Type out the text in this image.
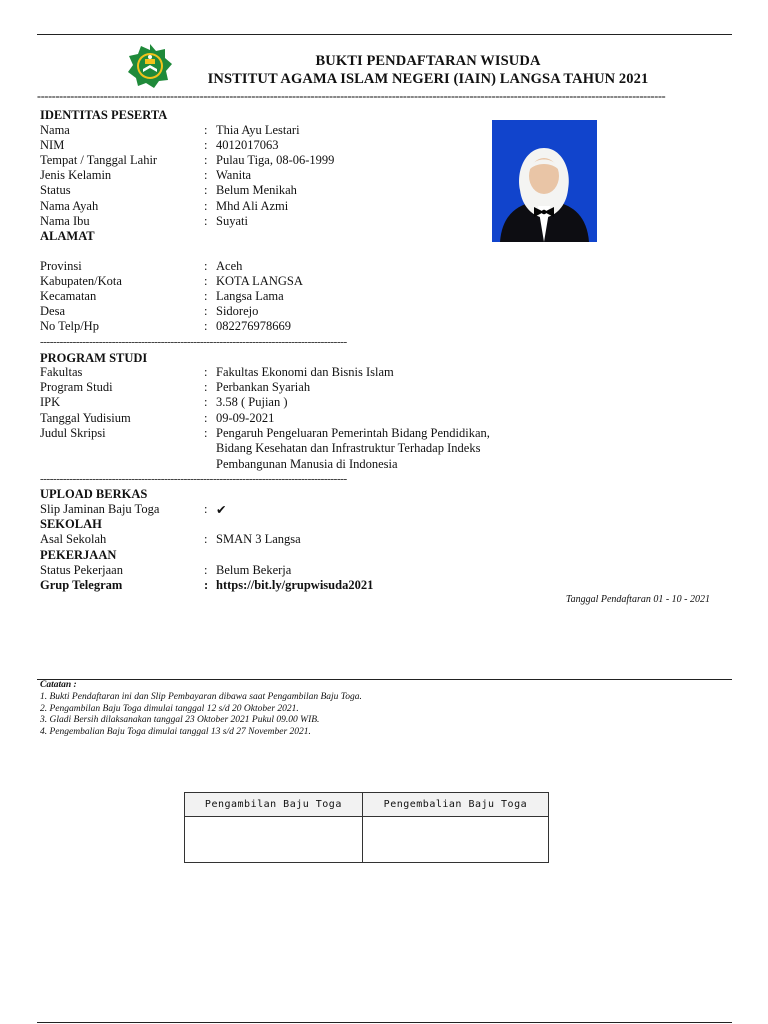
BUKTI PENDAFTARAN WISUDA
INSTITUT AGAMA ISLAM NEGERI (IAIN) LANGSA TAHUN 2021
--------------------------------------------------------------------------------------------------------------------------------------------------------------------------
IDENTITAS PESERTA
Nama	: Thia Ayu Lestari
NIM	: 4012017063
Tempat / Tanggal Lahir	: Pulau Tiga, 08-06-1999
Jenis Kelamin	: Wanita
Status	: Belum Menikah
Nama Ayah	: Mhd Ali Azmi
Nama Ibu	: Suyati
ALAMAT
Provinsi	: Aceh
Kabupaten/Kota	: KOTA LANGSA
Kecamatan	: Langsa Lama
Desa	: Sidorejo
No Telp/Hp	: 082276978669
----------------------------------------------------------------------------------------------
PROGRAM STUDI
Fakultas	: Fakultas Ekonomi dan Bisnis Islam
Program Studi	: Perbankan Syariah
IPK	: 3.58 ( Pujian )
Tanggal Yudisium	: 09-09-2021
Judul Skripsi	: Pengaruh Pengeluaran Pemerintah Bidang Pendidikan,
Bidang Kesehatan dan Infrastruktur Terhadap Indeks
Pembangunan Manusia di Indonesia
----------------------------------------------------------------------------------------------
UPLOAD BERKAS
Slip Jaminan Baju Toga	: ✔
SEKOLAH
Asal Sekolah	: SMAN 3 Langsa
PEKERJAAN
Status Pekerjaan	: Belum Bekerja
Grup Telegram	: https://bit.ly/grupwisuda2021
Tanggal Pendaftaran 01 - 10 - 2021
Catatan :
1. Bukti Pendaftaran ini dan Slip Pembayaran dibawa saat Pengambilan Baju Toga.
2. Pengambilan Baju Toga dimulai tanggal 12 s/d 20 Oktober 2021.
3. Gladi Bersih dilaksanakan tanggal 23 Oktober 2021 Pukul 09.00 WIB.
4. Pengembalian Baju Toga dimulai tanggal 13 s/d 27 November 2021.
Pengambilan Baju Toga	Pengembalian Baju Toga
